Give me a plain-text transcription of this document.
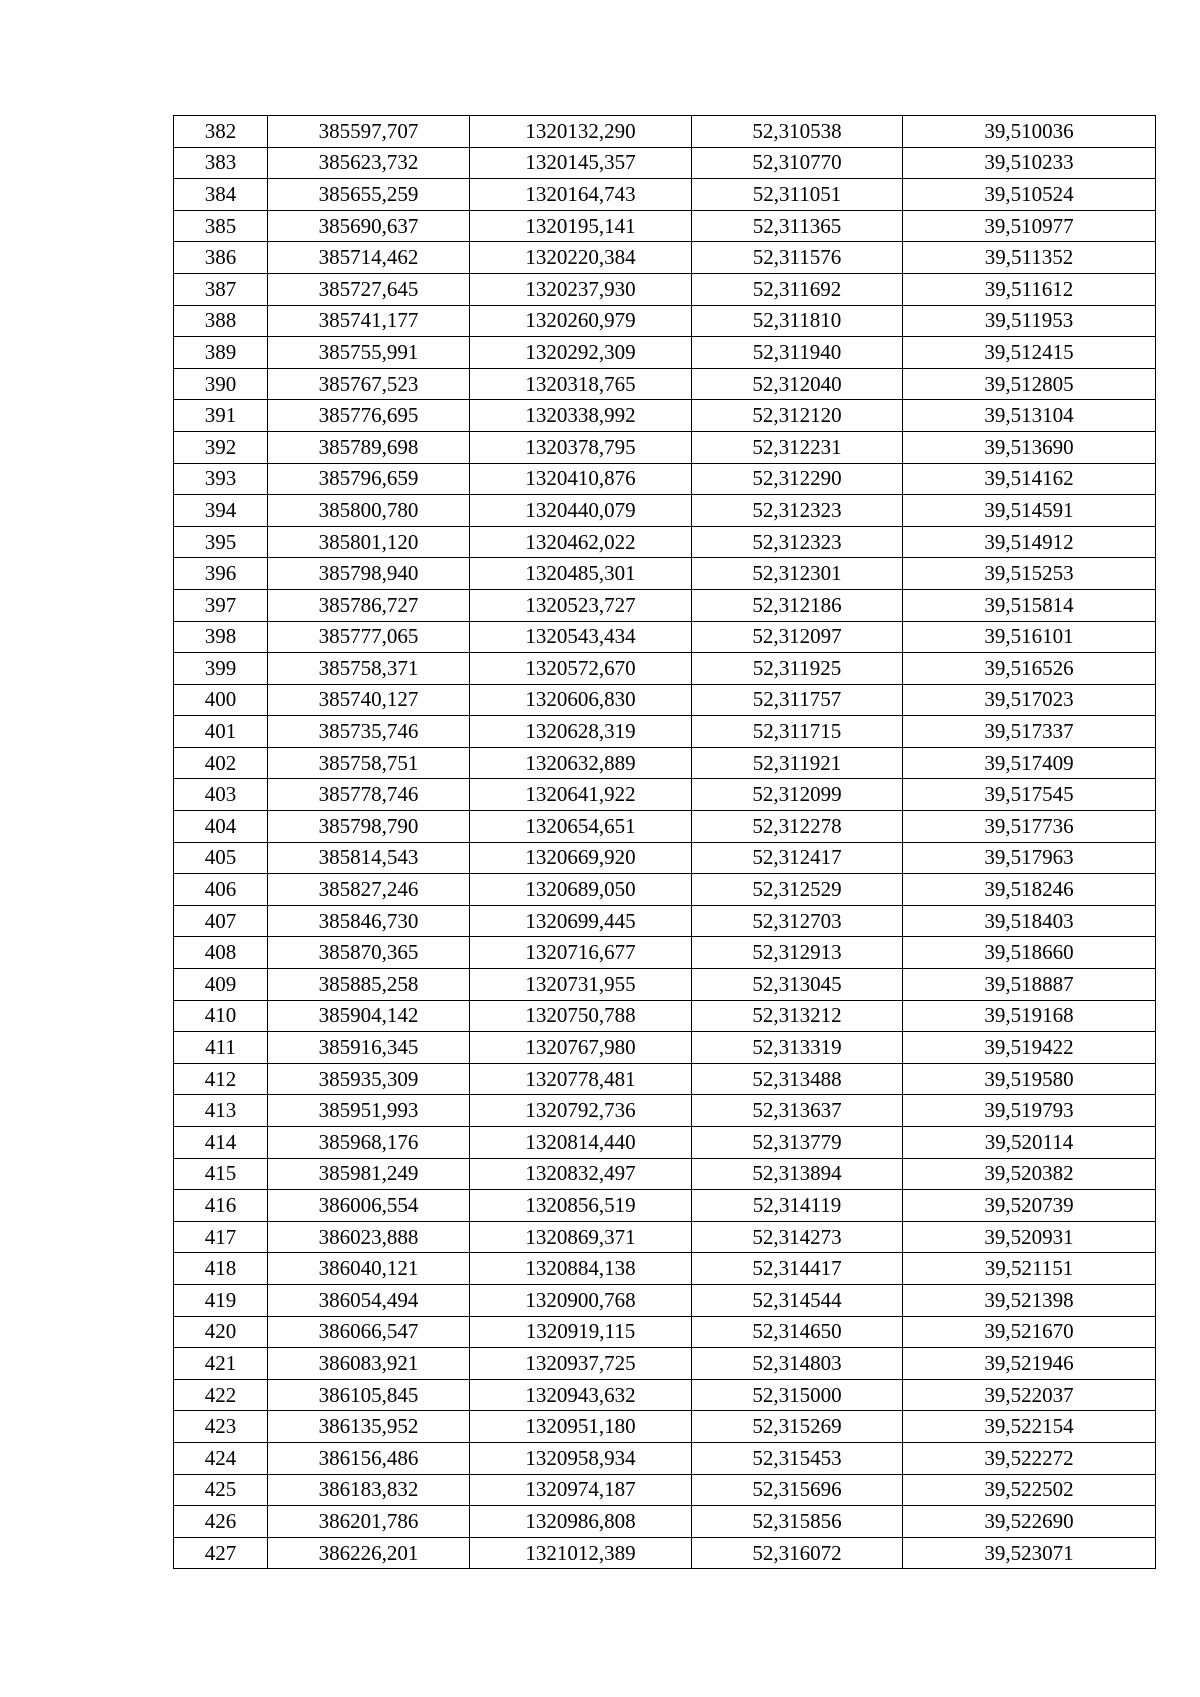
382	385597,707	1320132,290	52,310538	39,510036
383	385623,732	1320145,357	52,310770	39,510233
384	385655,259	1320164,743	52,311051	39,510524
385	385690,637	1320195,141	52,311365	39,510977
386	385714,462	1320220,384	52,311576	39,511352
387	385727,645	1320237,930	52,311692	39,511612
388	385741,177	1320260,979	52,311810	39,511953
389	385755,991	1320292,309	52,311940	39,512415
390	385767,523	1320318,765	52,312040	39,512805
391	385776,695	1320338,992	52,312120	39,513104
392	385789,698	1320378,795	52,312231	39,513690
393	385796,659	1320410,876	52,312290	39,514162
394	385800,780	1320440,079	52,312323	39,514591
395	385801,120	1320462,022	52,312323	39,514912
396	385798,940	1320485,301	52,312301	39,515253
397	385786,727	1320523,727	52,312186	39,515814
398	385777,065	1320543,434	52,312097	39,516101
399	385758,371	1320572,670	52,311925	39,516526
400	385740,127	1320606,830	52,311757	39,517023
401	385735,746	1320628,319	52,311715	39,517337
402	385758,751	1320632,889	52,311921	39,517409
403	385778,746	1320641,922	52,312099	39,517545
404	385798,790	1320654,651	52,312278	39,517736
405	385814,543	1320669,920	52,312417	39,517963
406	385827,246	1320689,050	52,312529	39,518246
407	385846,730	1320699,445	52,312703	39,518403
408	385870,365	1320716,677	52,312913	39,518660
409	385885,258	1320731,955	52,313045	39,518887
410	385904,142	1320750,788	52,313212	39,519168
411	385916,345	1320767,980	52,313319	39,519422
412	385935,309	1320778,481	52,313488	39,519580
413	385951,993	1320792,736	52,313637	39,519793
414	385968,176	1320814,440	52,313779	39,520114
415	385981,249	1320832,497	52,313894	39,520382
416	386006,554	1320856,519	52,314119	39,520739
417	386023,888	1320869,371	52,314273	39,520931
418	386040,121	1320884,138	52,314417	39,521151
419	386054,494	1320900,768	52,314544	39,521398
420	386066,547	1320919,115	52,314650	39,521670
421	386083,921	1320937,725	52,314803	39,521946
422	386105,845	1320943,632	52,315000	39,522037
423	386135,952	1320951,180	52,315269	39,522154
424	386156,486	1320958,934	52,315453	39,522272
425	386183,832	1320974,187	52,315696	39,522502
426	386201,786	1320986,808	52,315856	39,522690
427	386226,201	1321012,389	52,316072	39,523071
